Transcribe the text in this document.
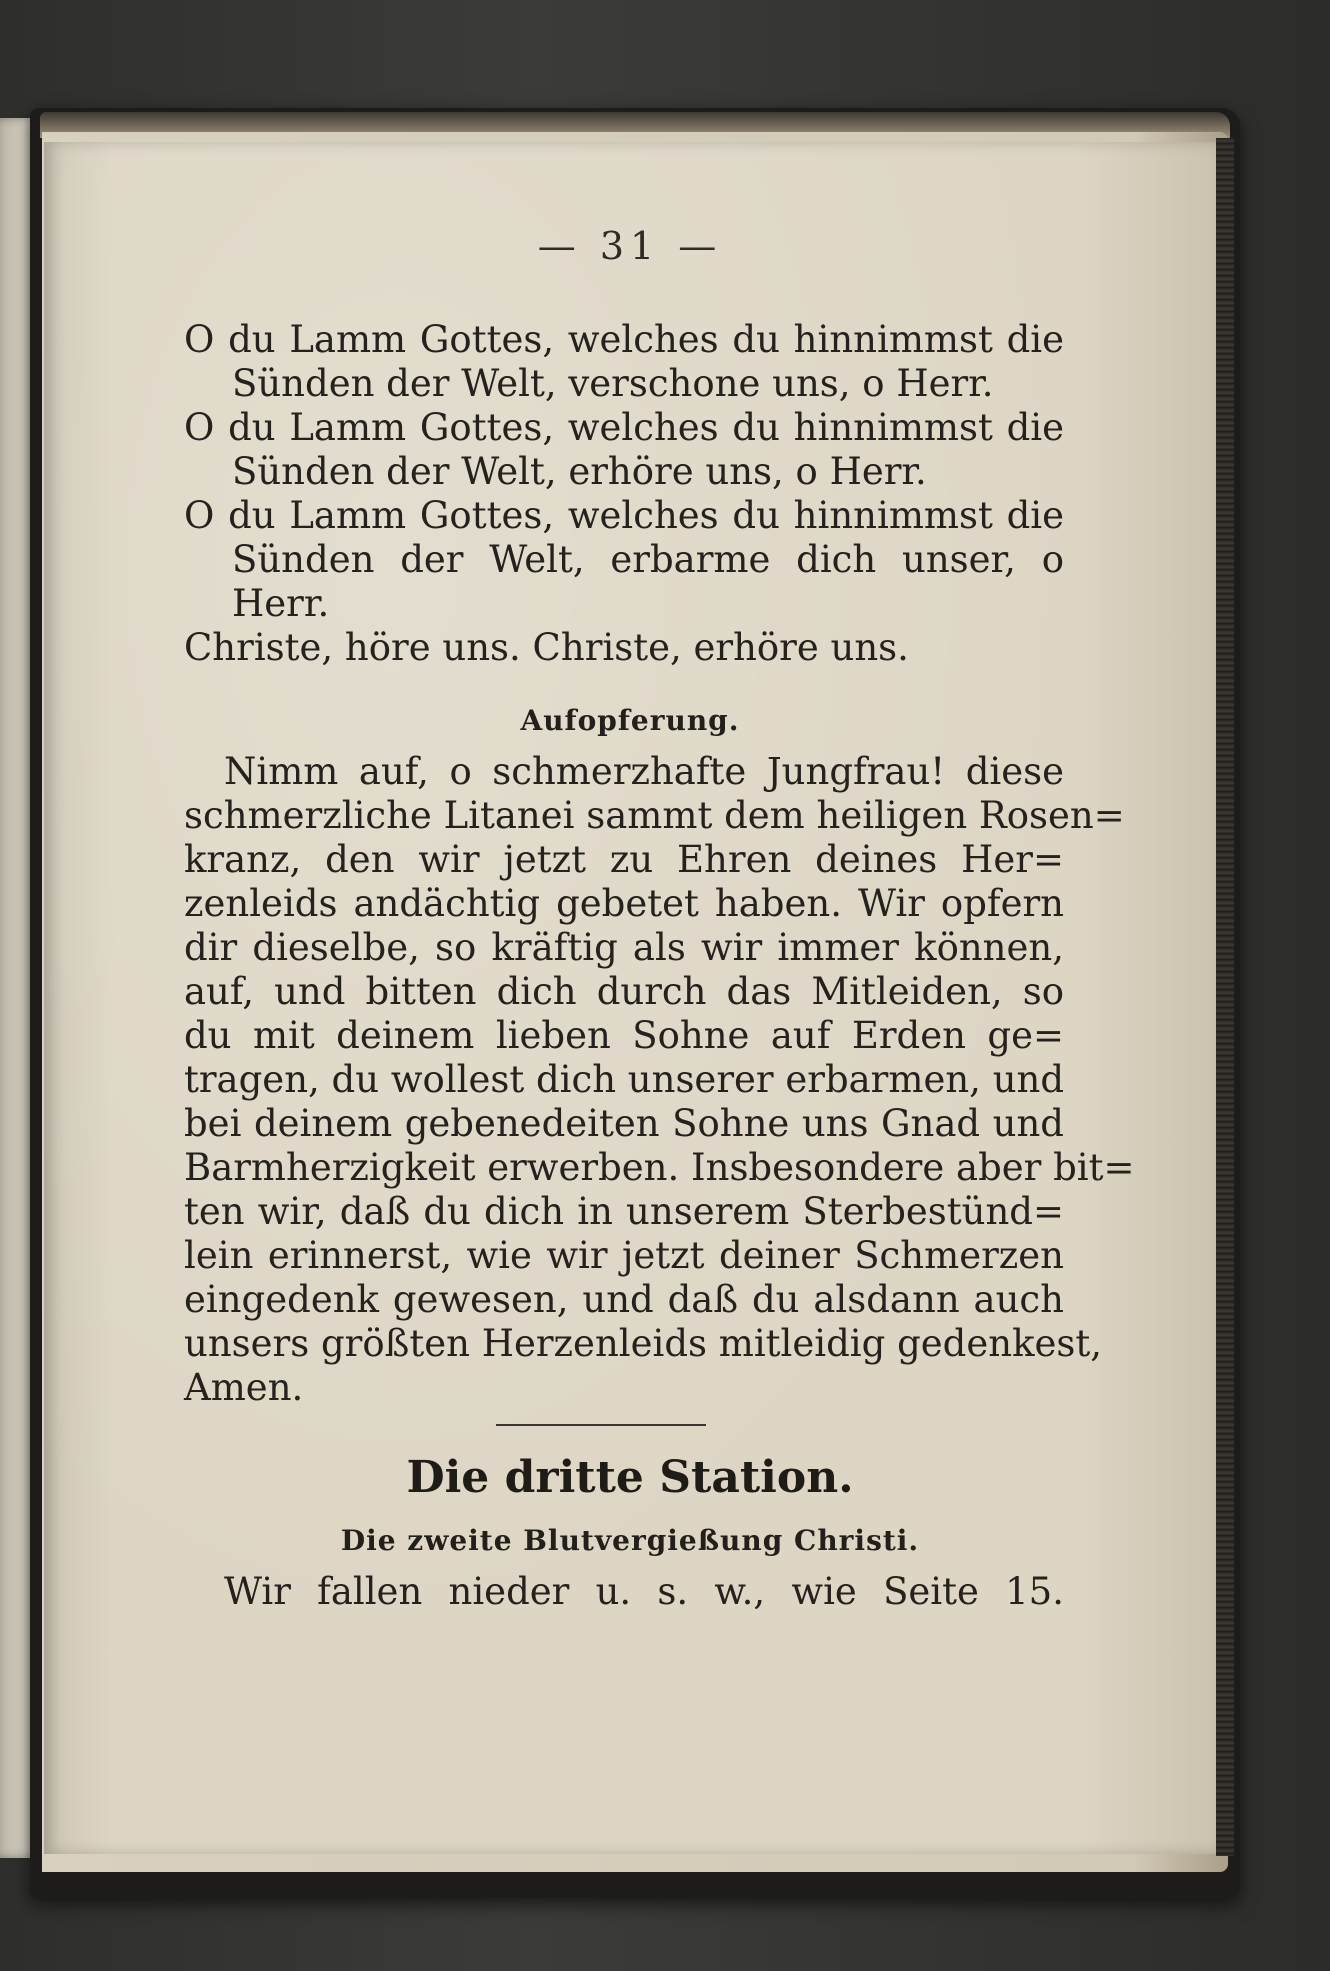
— 31 —
O du Lamm Gottes, welches du hinnimmst die
Sünden der Welt, verschone uns, o Herr.
O du Lamm Gottes, welches du hinnimmst die
Sünden der Welt, erhöre uns, o Herr.
O du Lamm Gottes, welches du hinnimmst die
Sünden der Welt, erbarme dich unser, o
Herr.
Christe, höre uns. Christe, erhöre uns.
Aufopferung.
Nimm auf, o schmerzhafte Jungfrau! diese
schmerzliche Litanei sammt dem heiligen Rosen=
kranz, den wir jetzt zu Ehren deines Her=
zenleids andächtig gebetet haben. Wir opfern
dir dieselbe, so kräftig als wir immer können,
auf, und bitten dich durch das Mitleiden, so
du mit deinem lieben Sohne auf Erden ge=
tragen, du wollest dich unserer erbarmen, und
bei deinem gebenedeiten Sohne uns Gnad und
Barmherzigkeit erwerben. Insbesondere aber bit=
ten wir, daß du dich in unserem Sterbestünd=
lein erinnerst, wie wir jetzt deiner Schmerzen
eingedenk gewesen, und daß du alsdann auch
unsers größten Herzenleids mitleidig gedenkest,
Amen.
Die dritte Station.
Die zweite Blutvergießung Christi.
Wir fallen nieder u. s. w., wie Seite 15.
